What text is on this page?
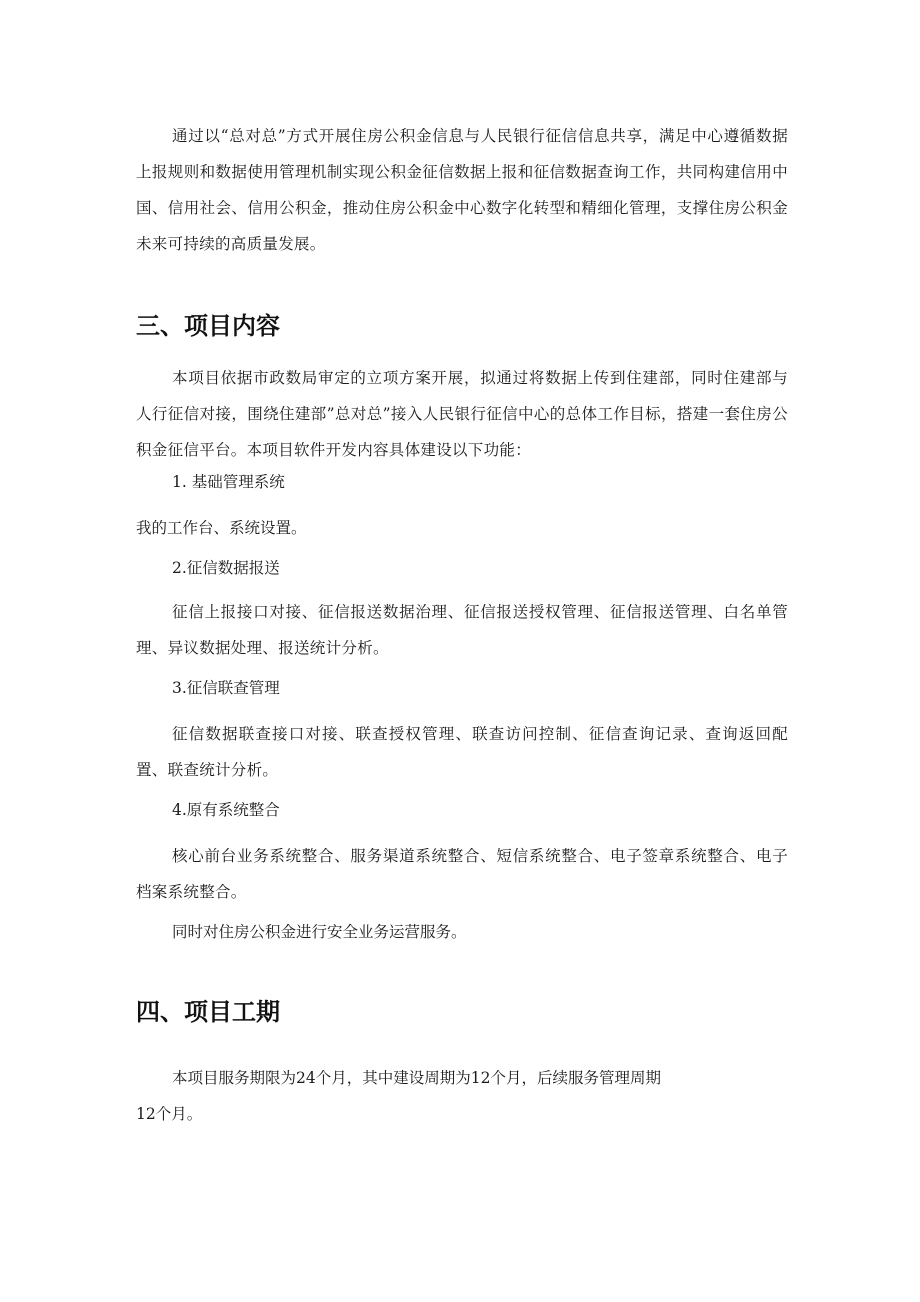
通过以“总对总”方式开展住房公积金信息与人民银行征信信息共享，满足中心遵循数据上报规则和数据使用管理机制实现公积金征信数据上报和征信数据查询工作，共同构建信用中国、信用社会、信用公积金，推动住房公积金中心数字化转型和精细化管理，支撑住房公积金未来可持续的高质量发展。

三、项目内容

本项目依据市政数局审定的立项方案开展，拟通过将数据上传到住建部，同时住建部与人行征信对接，围绕住建部”总对总”接入人民银行征信中心的总体工作目标，搭建一套住房公积金征信平台。本项目软件开发内容具体建设以下功能：

1. 基础管理系统

我的工作台、系统设置。

2.征信数据报送

征信上报接口对接、征信报送数据治理、征信报送授权管理、征信报送管理、白名单管理、异议数据处理、报送统计分析。

3.征信联查管理

征信数据联查接口对接、联查授权管理、联查访问控制、征信查询记录、查询返回配置、联查统计分析。

4.原有系统整合

核心前台业务系统整合、服务渠道系统整合、短信系统整合、电子签章系统整合、电子档案系统整合。

同时对住房公积金进行安全业务运营服务。

四、项目工期

本项目服务期限为24个月，其中建设周期为12个月，后续服务管理周期

12个月。
